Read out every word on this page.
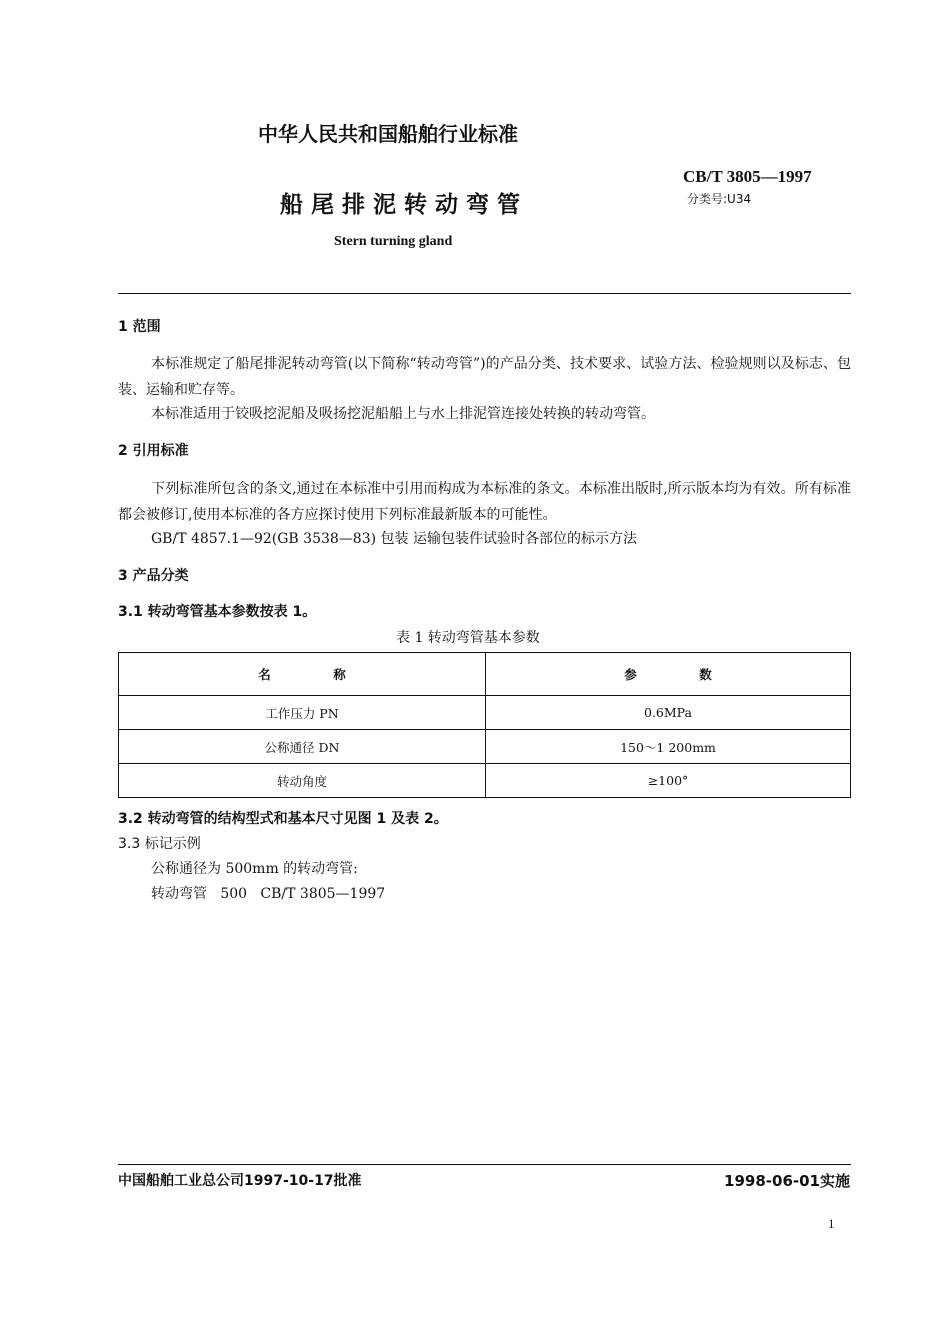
中华人民共和国船舶行业标准
CB/T 3805—1997
分类号:U34
船 尾 排 泥 转 动 弯 管
Stern turning gland
1 范围
本标准规定了船尾排泥转动弯管(以下简称“转动弯管”)的产品分类、技术要求、试验方法、检验规则以及标志、包装、运输和贮存等。
本标准适用于铰吸挖泥船及吸扬挖泥船船上与水上排泥管连接处转换的转动弯管。
2 引用标准
下列标准所包含的条文,通过在本标准中引用而构成为本标准的条文。本标准出版时,所示版本均为有效。所有标准都会被修订,使用本标准的各方应探讨使用下列标准最新版本的可能性。
GB/T 4857.1—92(GB 3538—83) 包装 运输包装件试验时各部位的标示方法
3 产品分类
3.1 转动弯管基本参数按表 1。
表 1 转动弯管基本参数
名　　　　　称	参　　　　　数
工作压力 PN	0.6MPa
公称通径 DN	150～1 200mm
转动角度	≥100°
3.2 转动弯管的结构型式和基本尺寸见图 1 及表 2。
3.3 标记示例
公称通径为 500mm 的转动弯管:
转动弯管   500   CB/T 3805—1997
中国船舶工业总公司1997-10-17批准	1998-06-01实施
1
